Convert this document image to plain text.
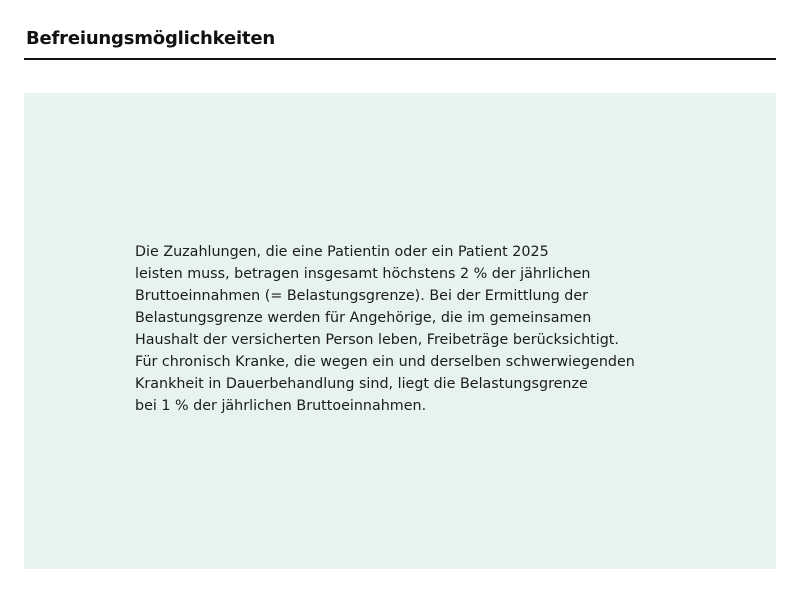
Befreiungsmöglichkeiten

Die Zuzahlungen, die eine Patientin oder ein Patient 2025
leisten muss, betragen insgesamt höchstens 2 % der jährlichen
Bruttoeinnahmen (= Belastungsgrenze). Bei der Ermittlung der
Belastungsgrenze werden für Angehörige, die im gemeinsamen
Haushalt der versicherten Person leben, Freibeträge berücksichtigt.
Für chronisch Kranke, die wegen ein und derselben schwerwiegenden
Krankheit in Dauerbehandlung sind, liegt die Belastungsgrenze
bei 1 % der jährlichen Bruttoeinnahmen.
